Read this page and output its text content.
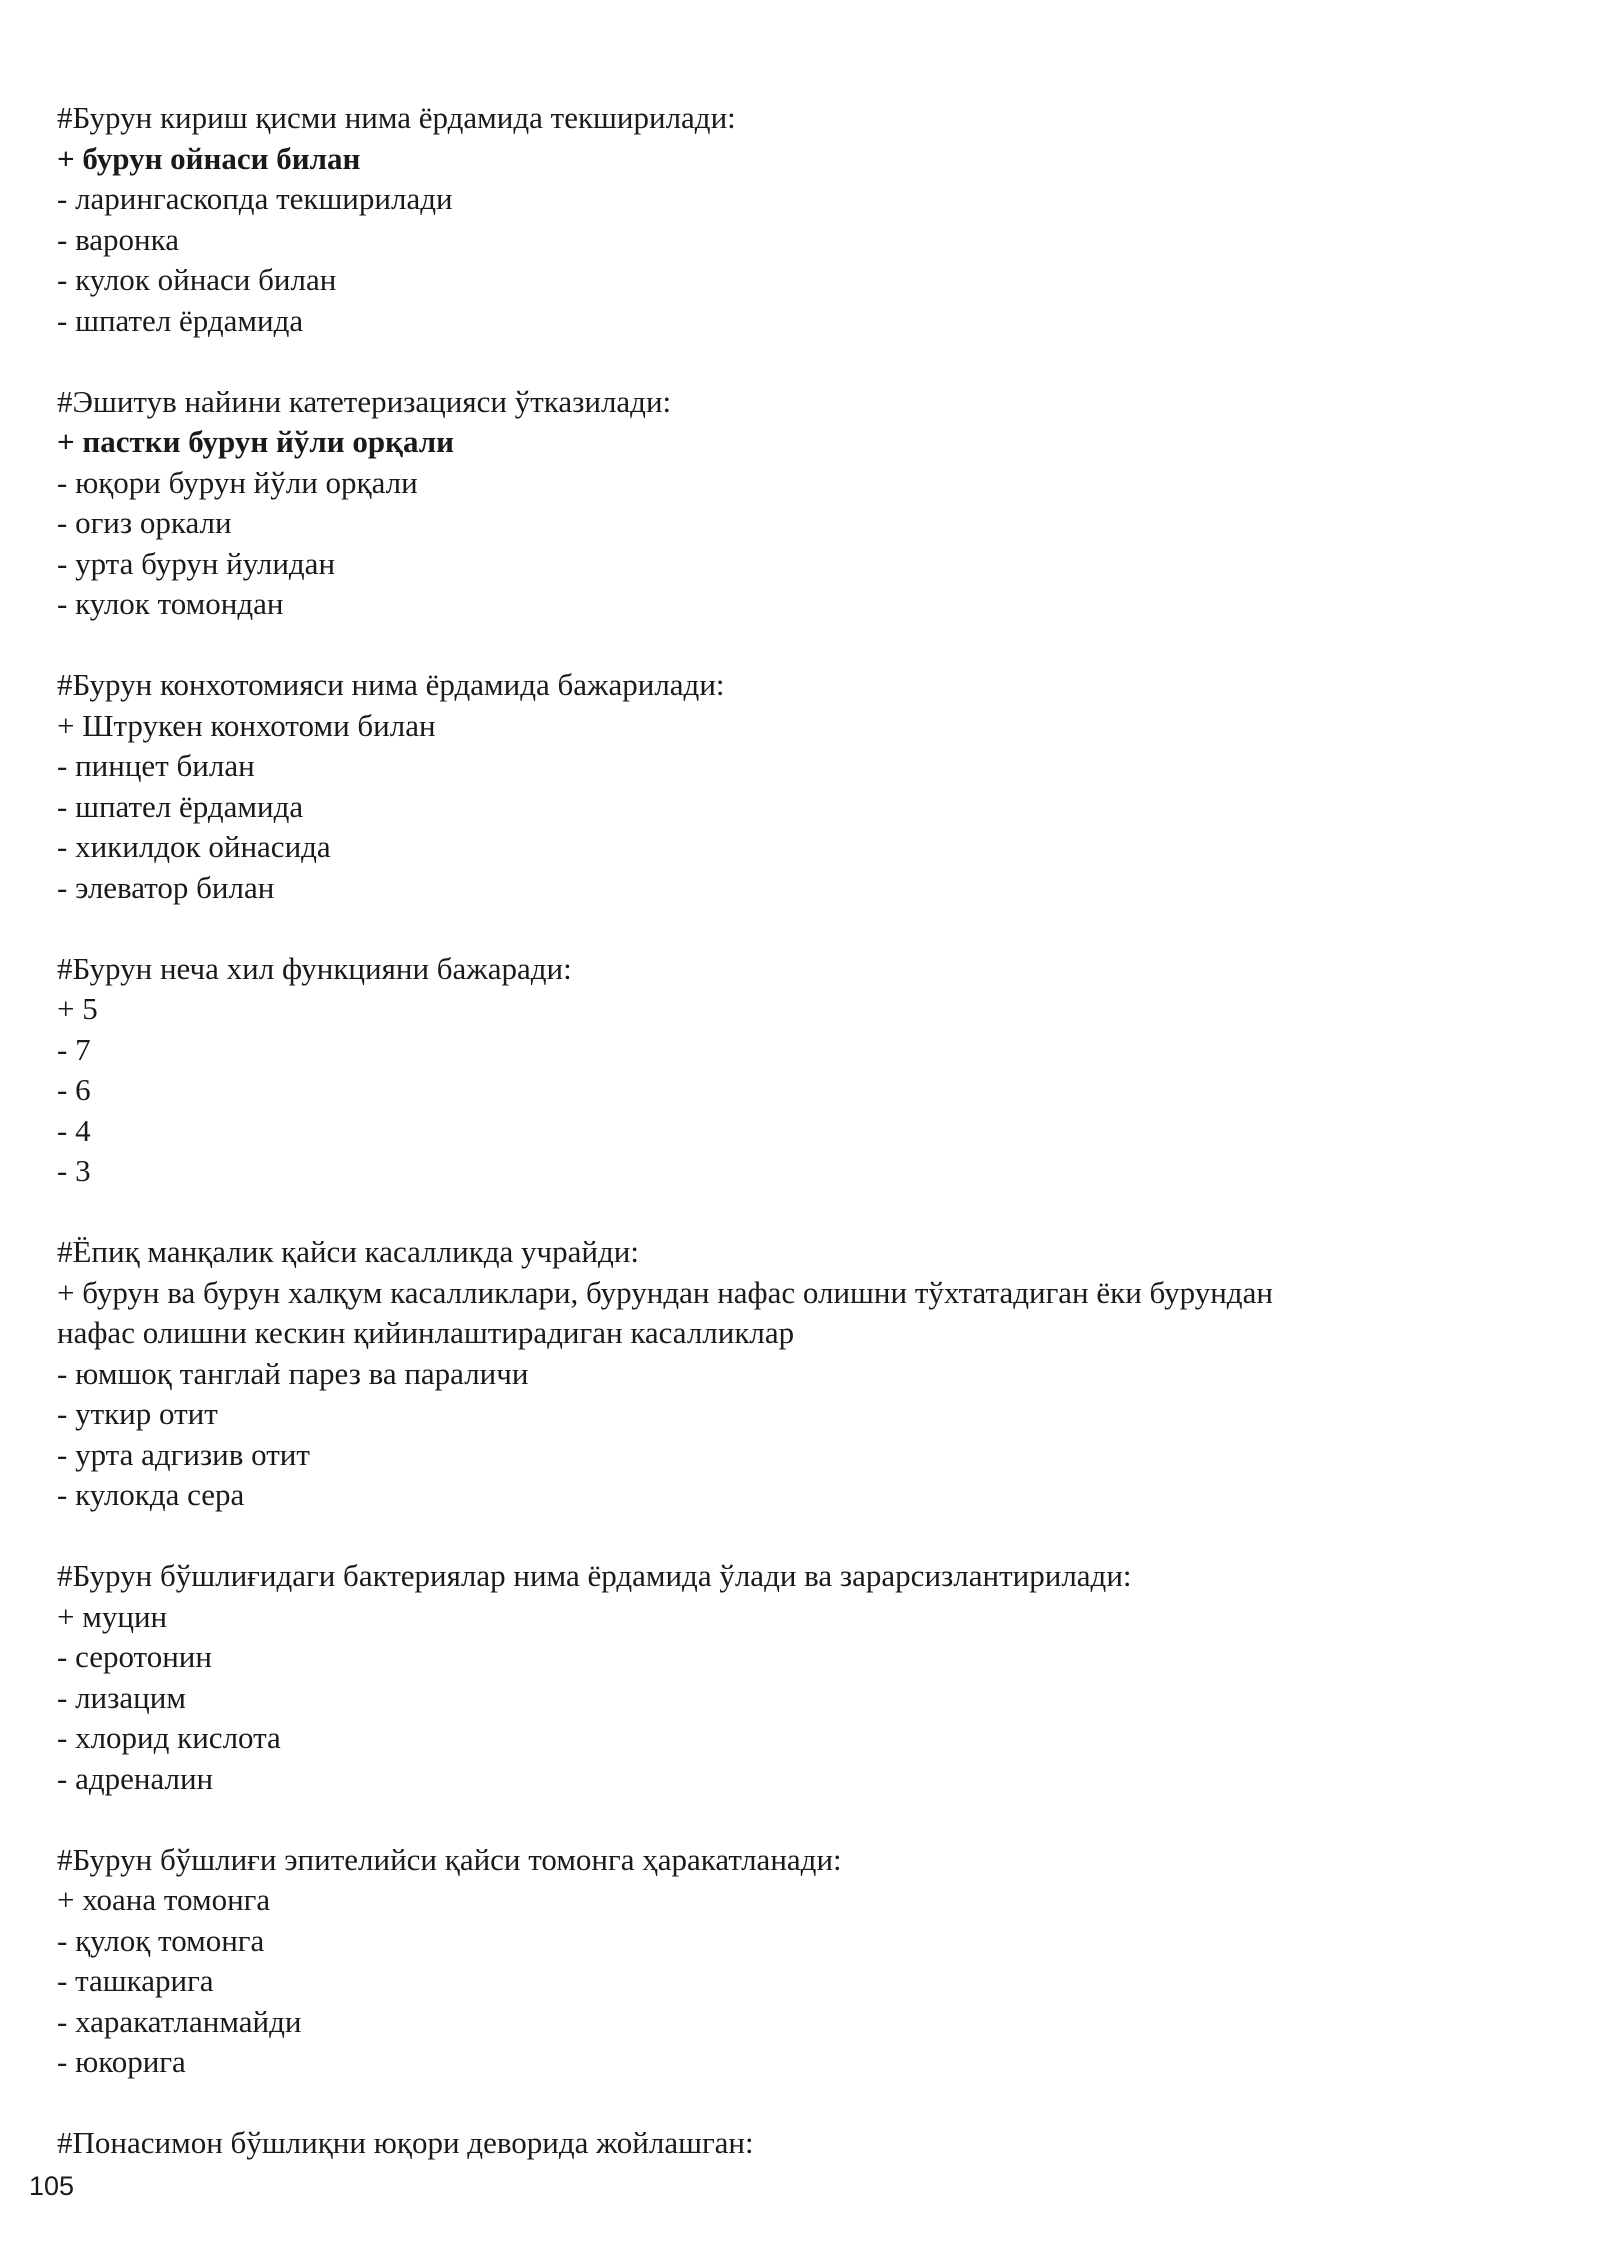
#Бурун кириш қисми нима ёрдамида текширилади:

+ бурун ойнаси билан

- ларингаскопда текширилади

- варонка

- кулок ойнаси билан

- шпател ёрдамида

#Эшитув найини катетеризацияси ўтказилади:

+ пастки бурун йўли орқали

- юқори бурун йўли орқали

- огиз оркали

- урта бурун йулидан

- кулок томондан

#Бурун конхотомияси нима ёрдамида бажарилади:

+ Штрукен конхотоми билан

- пинцет билан

- шпател ёрдамида

- хикилдок ойнасида

- элеватор билан

#Бурун неча хил функцияни бажаради:

+ 5

- 7

- 6

- 4

- 3

#Ёпиқ манқалик қайси касалликда учрайди:

+ бурун ва бурун халқум касалликлари, бурундан нафас олишни тўхтатадиган ёки бурундан

нафас олишни кескин қийинлаштирадиган касалликлар

- юмшоқ танглай парез ва параличи

- уткир отит

- урта адгизив отит

- кулокда сера

#Бурун бўшлиғидаги бактериялар нима ёрдамида ўлади ва зарарсизлантирилади:

+ муцин

- серотонин

- лизацим

- хлорид кислота

- адреналин

#Бурун бўшлиғи эпителийси қайси томонга ҳаракатланади:

+ хоана томонга

- қулоқ томонга

- ташкарига

- харакатланмайди

- юкорига

#Понасимон бўшлиқни юқори деворида жойлашган:

105
